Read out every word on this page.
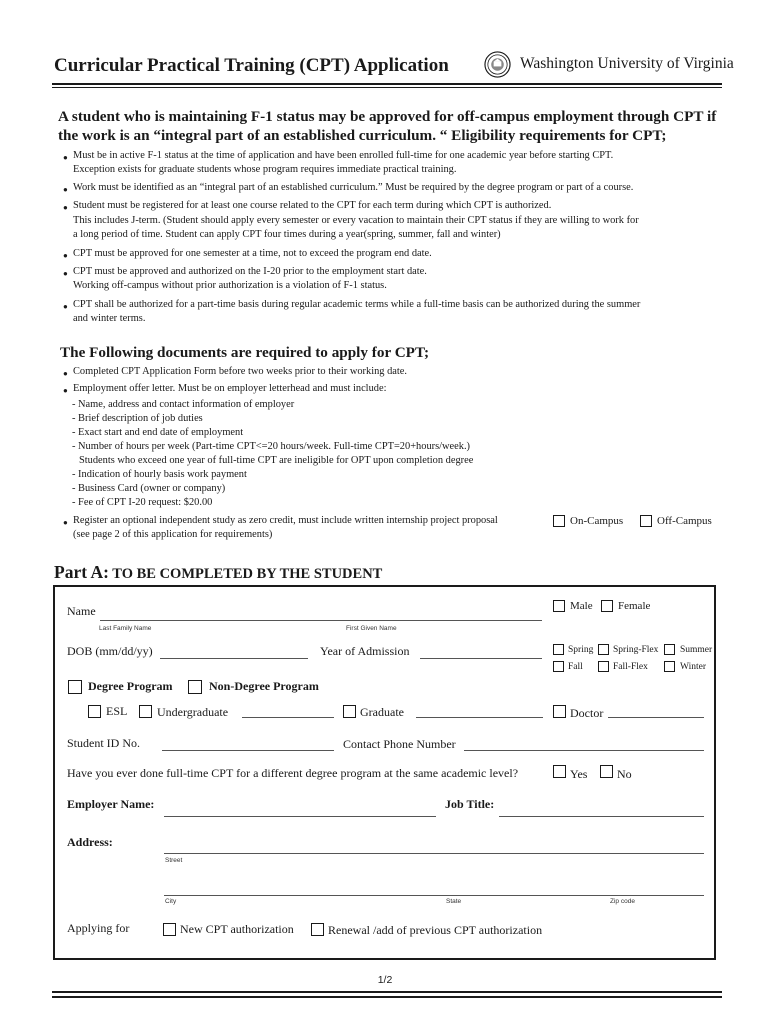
Curricular Practical Training (CPT) Application	Washington University of Virginia
A student who is maintaining F-1 status may be approved for off-campus employment through CPT if
the work is an “integral part of an established curriculum. “ Eligibility requirements for CPT;
● Must be in active F-1 status at the time of application and have been enrolled full-time for one academic year before starting CPT.
Exception exists for graduate students whose program requires immediate practical training.
● Work must be identified as an “integral part of an established curriculum.” Must be required by the degree program or part of a course.
● Student must be registered for at least one course related to the CPT for each term during which CPT is authorized.
This includes J-term. (Student should apply every semester or every vacation to maintain their CPT status if they are willing to work for
a long period of time. Student can apply CPT four times during a year(spring, summer, fall and winter)
● CPT must be approved for one semester at a time, not to exceed the program end date.
● CPT must be approved and authorized on the I-20 prior to the employment start date.
Working off-campus without prior authorization is a violation of F-1 status.
● CPT shall be authorized for a part-time basis during regular academic terms while a full-time basis can be authorized during the summer
and winter terms.
The Following documents are required to apply for CPT;
● Completed CPT Application Form before two weeks prior to their working date.
● Employment offer letter. Must be on employer letterhead and must include:
- Name, address and contact information of employer
- Brief description of job duties
- Exact start and end date of employment
- Number of hours per week (Part-time CPT<=20 hours/week. Full-time CPT=20+hours/week.)
Students who exceed one year of full-time CPT are ineligible for OPT upon completion degree
- Indication of hourly basis work payment
- Business Card (owner or company)
- Fee of CPT I-20 request: $20.00
● Register an optional independent study as zero credit, must include written internship project proposal
(see page 2 of this application for requirements)
On-Campus	Off-Campus
Part A: TO BE COMPLETED BY THE STUDENT
Name
Last Family Name	First Given Name
Male Female
DOB (mm/dd/yy)	Year of Admission	Spring Spring-Flex Summer
Fall	Fall-Flex	Winter
Degree Program	Non-Degree Program
ESL Undergraduate	Graduate	Doctor
Student ID No.	Contact Phone Number
Have you ever done full-time CPT for a different degree program at the same academic level?	Yes No
Employer Name:	Job Title:
Address:
Street
City	State	Zip code
Applying for	New CPT authorization	Renewal /add of previous CPT authorization
1/2
